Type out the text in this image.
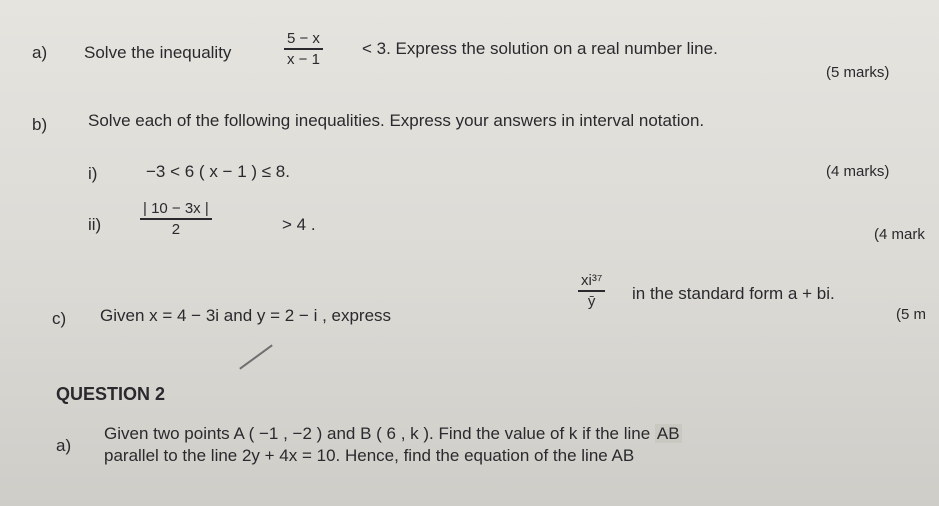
a) Solve the inequality	$\frac{5 - x}{x - 1} < 3$. Express the solution on a real number line.
(5 marks)
b) Solve each of the following inequalities. Express your answers in interval notation.
i)	−3 < 6 ( x − 1 ) ≤ 8.	(4 marks)
ii)	$\frac{| 10 - 3x |}{2}$	> 4 .
(4 mark
c) Given x = 4 − 3i and y = 2 − i , express
$\frac{\text{xi³⁷}}{ȳ}$ in the standard form a + bi.
(5 m
QUESTION 2
a)
Given two points A ( −1 , −2 ) and B ( 6 , k ). Find the value of k if the line AB
parallel to the line 2y + 4x = 10. Hence, find the equation of the line AB
